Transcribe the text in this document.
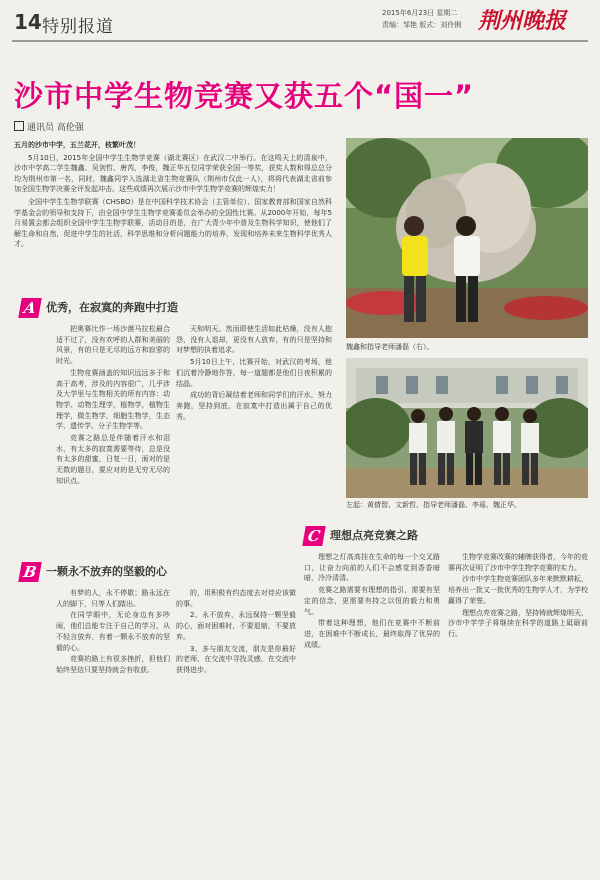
14 特别报道
2015年6月23日 星期二
责编：邹艳 版式：刘伶俐 荆州晚报
沙市中学生物竞赛又获五个“国一”
通讯员 高伦强

五月的沙市中学，五兰花开，枝繁叶茂！

5月10日，2015年全国中学生生物学竞赛（湖北赛区）在武汉二中举行。在这鸣天上的清泉中，沙市中学高二学生魏鑫、吴剑哲、唐芮，李俊，魏正华五位同学荣获全国一等奖，获奖人数和得总总分均为荆州市第一名，同时，魏鑫同学入选湖北省生物竞赛队（荆州市仅此一人），将将代表湖北省前参加全国生物学决赛全评发起冲击。这些成绩再次展示沙市中学生物学竞赛的辉煌实力！

全国中学生生物学联赛（CHSBO）是在中国科学技术协会（主管单位）、国家教育部和国家自然科学基金会的领导和支持下，由全国中学生生物学竞赛委员会举办的全国性比赛。从2000年开始，每年5月易置会都会组织全国中学生生物学联赛，活动目的是，在广大青少年中普及生物科学知识，使他们了解生命和自然，促进中学生的社活，科学思维和分析问题能力的培养，发现和培养未来生物科学优秀人才。

魏鑫和指导老师潘磊（右）。
左起：黄倩智、文新哲、指导老师潘磊、李瑶、魏正华。
A 优秀，在寂寞的奔跑中打造

把奥赛比作一场沙漠马拉松最合适不过了，没有欢呼的人群和美丽的风景，有的只是无尽的远方和寂寥的时光。

生物竞赛涵盖的知识远远多于和高于高考，涉及的内容很广，几乎涉及大学里与生物相关的所有内容：动物学、动物生理学，植物学，植物生理学，微生物学，细胞生物学，生态学、遗传学、分子生物学等。

竞赛之路总是伴随着汗水和泪水，有太多的寂寞需要等待，总是没有太多的甜蜜，日复一日，面对的是无数的题目，要应对的是无穷无尽的知识点。

天和明天。然而即使生活如此枯燥，没有人抱怨，没有人退却，更没有人放弃，有的只是坚持和对梦想的执着追求。

5月10日上午，比赛开始，对武汉的考场，他们沉着冷静地作答，每一道题都是他们日夜积累的结晶。

成功的背后凝结着老师和同学们的汗水，努力奔跑，坚持到底，在寂寞中打造出属于自己的优秀。

B 一颗永不放弃的坚毅的心

有梦的人，永不停歇；路永远在人的脚下，只等人们踏出。

在同学眼中，无论身边有多吵闹，他们总能专注于自己的学习，从不轻言放弃，有着一颗永不放弃的坚毅的心。

竞赛的路上有很多挫折，但他们始终坚信只要坚持就会有收获。

的，用积极有约态度去对待应该做的事。

2、永不放弃，永远保持一颗坚毅的心，面对困难时，不要退缩，不要放弃。

3、多与朋友交流，朋友是你最好的老师，在交流中寻找灵感，在交流中获得进步。

C 理想点亮竞赛之路

理想之灯高高挂在生命的每一个交叉路口，让奋力向前的人们不会感觉到香香暗暗，冷冷清清。

竞赛之路需要有理想的指引，需要有坚定的信念，更需要有持之以恒的毅力和勇气。

带着这种理想，他们在竞赛中不断前进，在困难中不断成长，最终取得了优异的成绩。

生物学竞赛改赛的辅牌获得者，今年的竞赛再次证明了沙市中学生物学竞赛的实力。

沙市中学生物竞赛团队多年来默默耕耘，培养出一批又一批优秀的生物学人才，为学校赢得了荣誉。

理想点亮竞赛之路，坚持铸就辉煌明天，沙市中学学子将继续在科学的道路上砥砺前行。
